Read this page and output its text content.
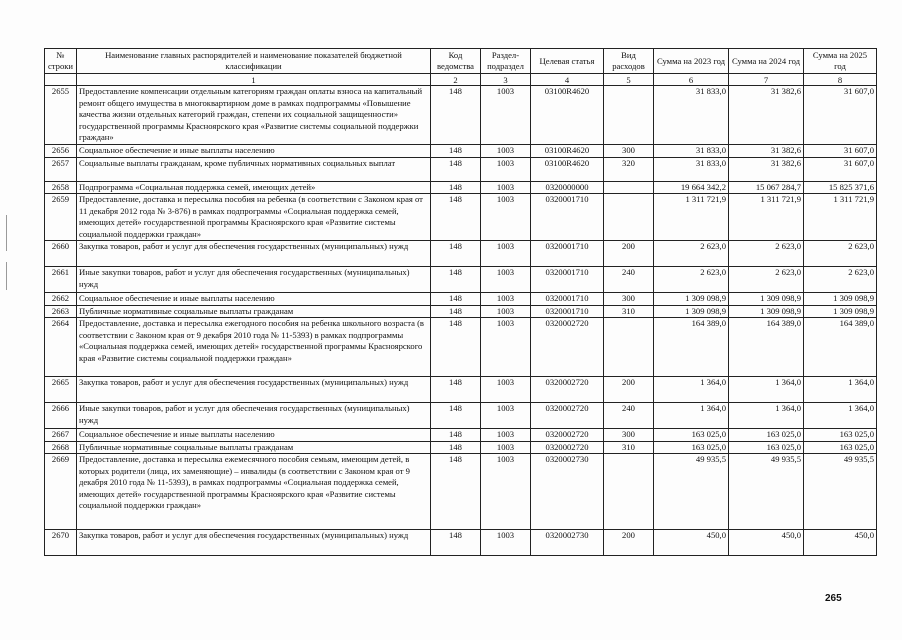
№ строки	Наименование главных распорядителей и наименование показателей бюджетной классификации	Код ведомства	Раздел-подраздел	Целевая статья	Вид расходов	Сумма на 2023 год	Сумма на 2024 год	Сумма на 2025 год
	1	2	3	4	5	6	7	8
2655	Предоставление компенсации отдельным категориям граждан оплаты взноса на капитальный ремонт общего имущества в многоквартирном доме в рамках подпрограммы «Повышение качества жизни отдельных категорий граждан, степени их социальной защищенности» государственной программы Красноярского края «Развитие системы социальной поддержки граждан»	148	1003	03100R4620		31 833,0	31 382,6	31 607,0
2656	Социальное обеспечение и иные выплаты населению	148	1003	03100R4620	300	31 833,0	31 382,6	31 607,0
2657	Социальные выплаты гражданам, кроме публичных нормативных социальных выплат	148	1003	03100R4620	320	31 833,0	31 382,6	31 607,0
2658	Подпрограмма «Социальная поддержка семей, имеющих детей»	148	1003	0320000000		19 664 342,2	15 067 284,7	15 825 371,6
2659	Предоставление, доставка и пересылка пособия на ребенка (в соответствии с Законом края от 11 декабря 2012 года № 3-876) в рамках подпрограммы «Социальная поддержка семей, имеющих детей» государственной программы Красноярского края «Развитие системы социальной поддержки граждан»	148	1003	0320001710		1 311 721,9	1 311 721,9	1 311 721,9
2660	Закупка товаров, работ и услуг для обеспечения государственных (муниципальных) нужд	148	1003	0320001710	200	2 623,0	2 623,0	2 623,0
2661	Иные закупки товаров, работ и услуг для обеспечения государственных (муниципальных) нужд	148	1003	0320001710	240	2 623,0	2 623,0	2 623,0
2662	Социальное обеспечение и иные выплаты населению	148	1003	0320001710	300	1 309 098,9	1 309 098,9	1 309 098,9
2663	Публичные нормативные социальные выплаты гражданам	148	1003	0320001710	310	1 309 098,9	1 309 098,9	1 309 098,9
2664	Предоставление, доставка и пересылка ежегодного пособия на ребенка школьного возраста (в соответствии с Законом края от 9 декабря 2010 года № 11-5393) в рамках подпрограммы «Социальная поддержка семей, имеющих детей» государственной программы Красноярского края «Развитие системы социальной поддержки граждан»	148	1003	0320002720		164 389,0	164 389,0	164 389,0
2665	Закупка товаров, работ и услуг для обеспечения государственных (муниципальных) нужд	148	1003	0320002720	200	1 364,0	1 364,0	1 364,0
2666	Иные закупки товаров, работ и услуг для обеспечения государственных (муниципальных) нужд	148	1003	0320002720	240	1 364,0	1 364,0	1 364,0
2667	Социальное обеспечение и иные выплаты населению	148	1003	0320002720	300	163 025,0	163 025,0	163 025,0
2668	Публичные нормативные социальные выплаты гражданам	148	1003	0320002720	310	163 025,0	163 025,0	163 025,0
2669	Предоставление, доставка и пересылка ежемесячного пособия семьям, имеющим детей, в которых родители (лица, их заменяющие) – инвалиды (в соответствии с Законом края от 9 декабря 2010 года № 11-5393), в рамках подпрограммы «Социальная поддержка семей, имеющих детей» государственной программы Красноярского края «Развитие системы социальной поддержки граждан»	148	1003	0320002730		49 935,5	49 935,5	49 935,5
2670	Закупка товаров, работ и услуг для обеспечения государственных (муниципальных) нужд	148	1003	0320002730	200	450,0	450,0	450,0
265
